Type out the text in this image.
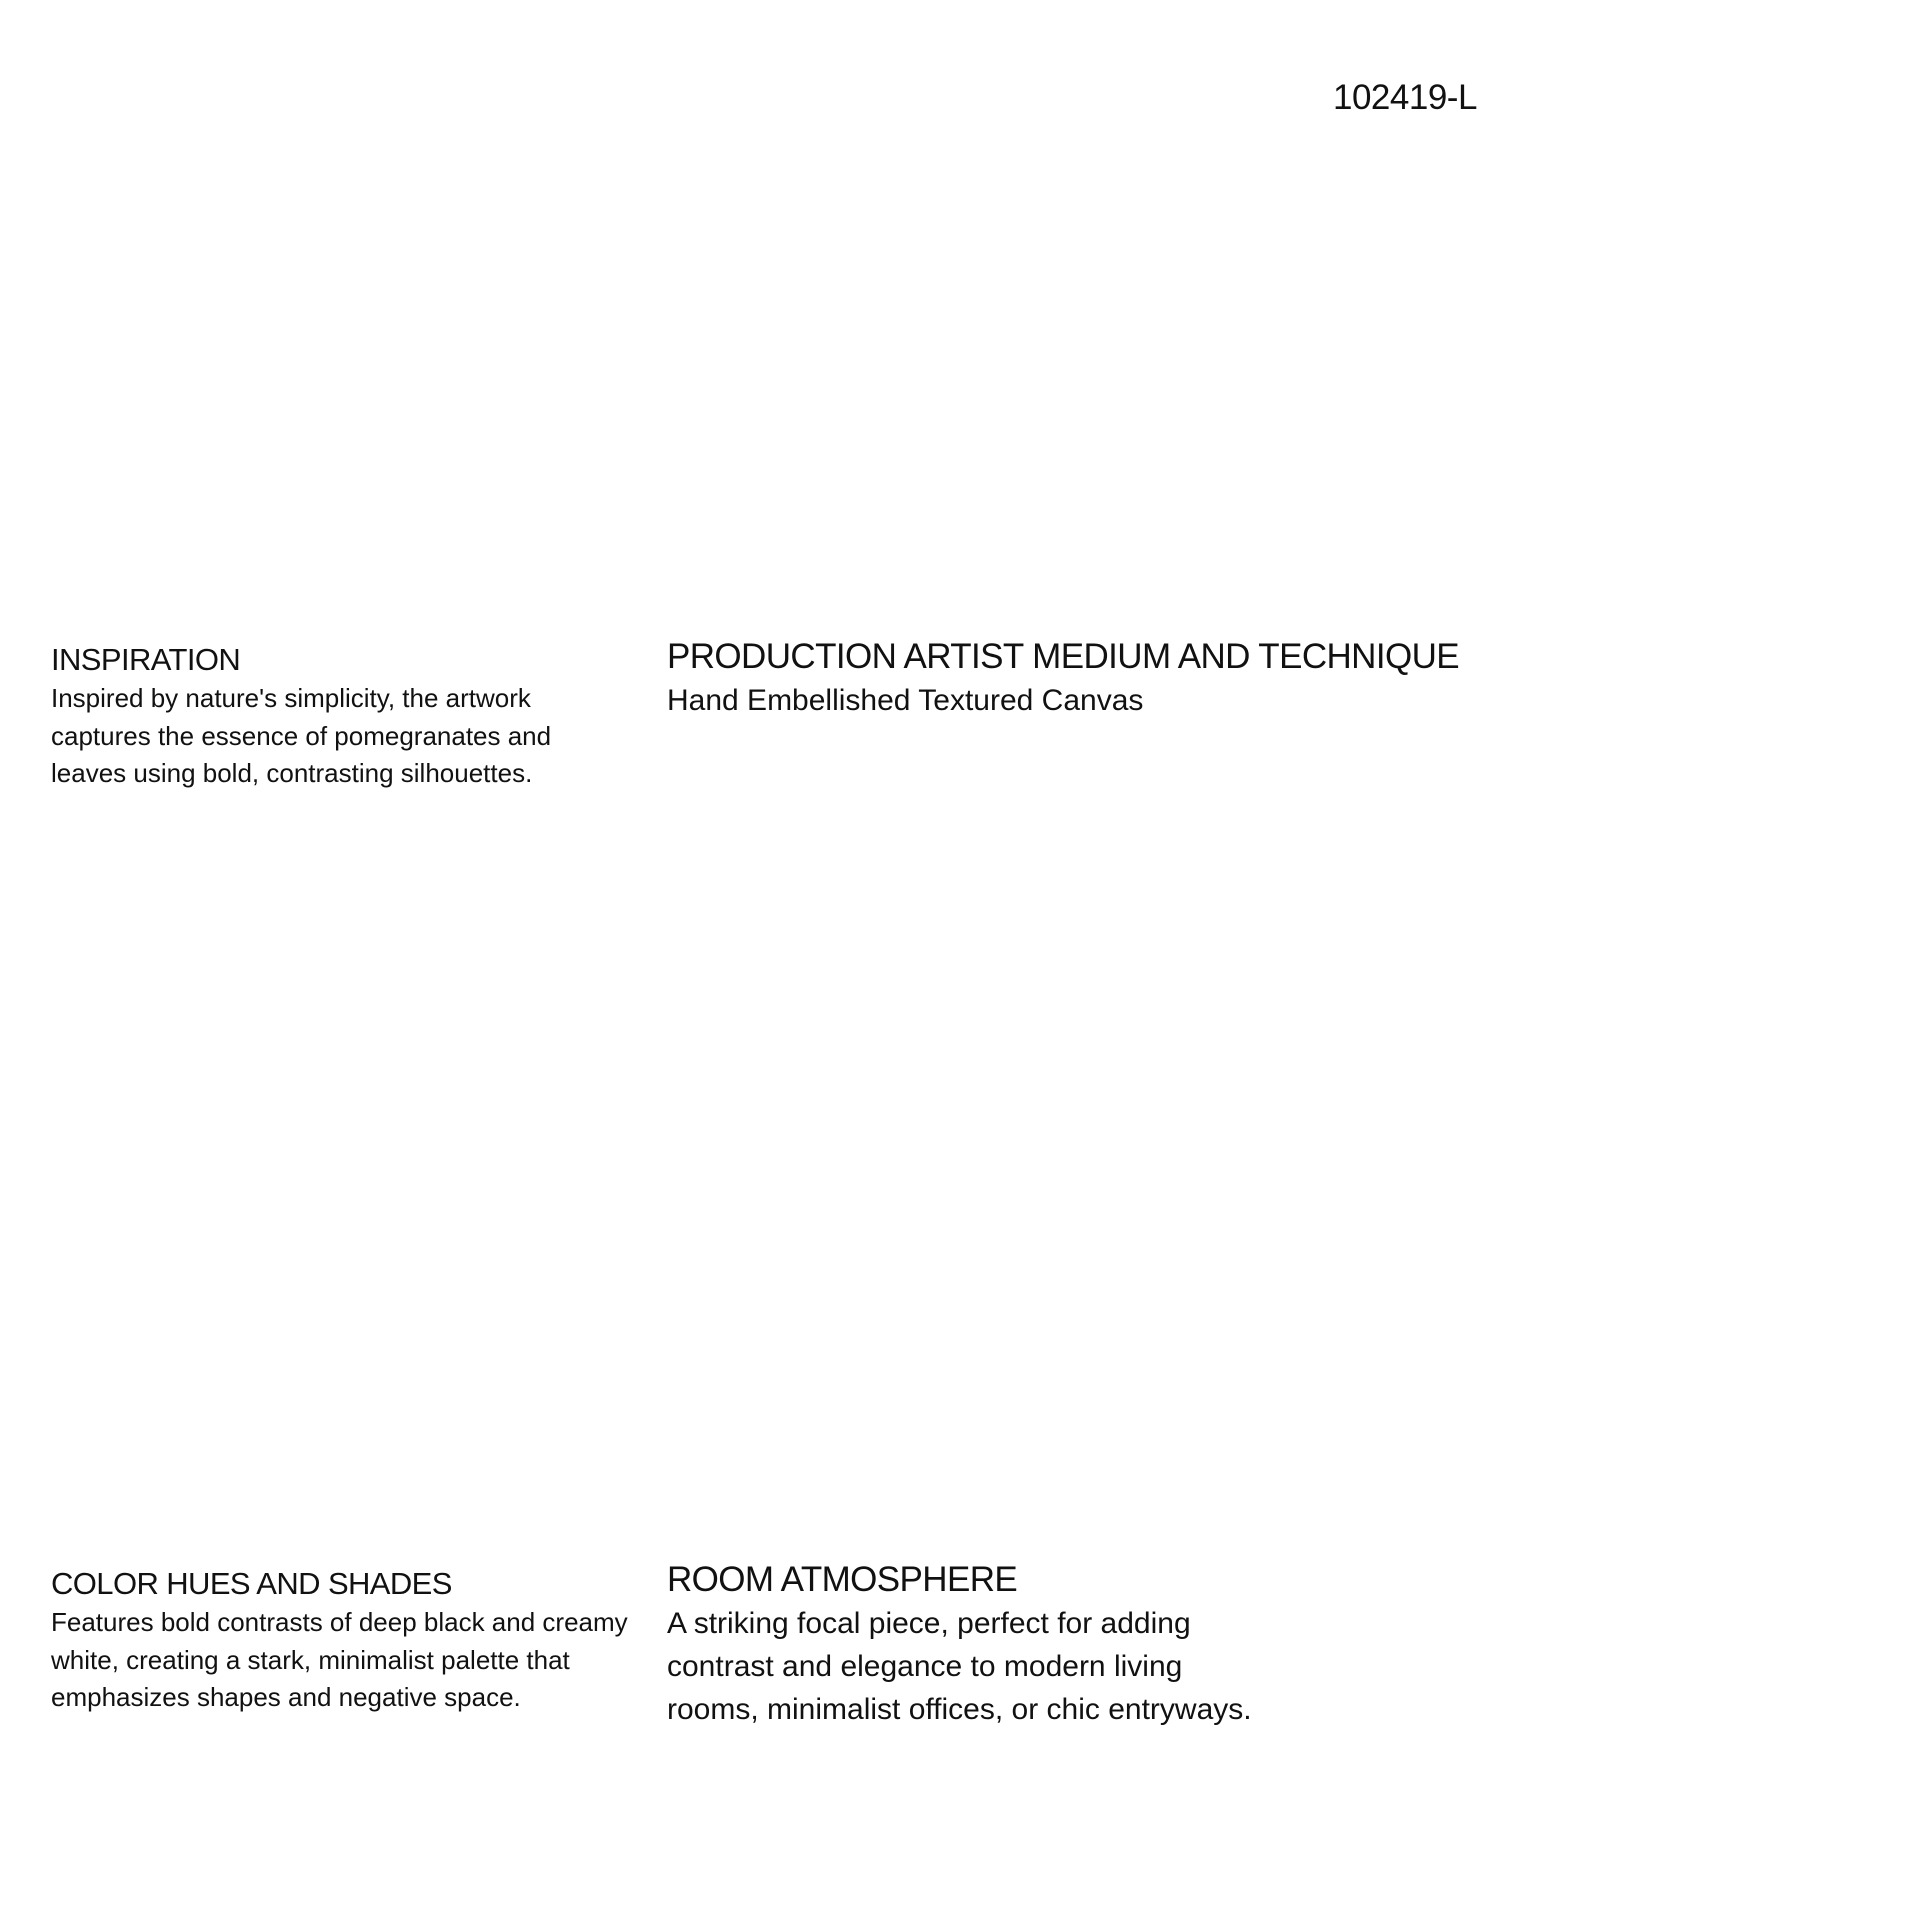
102419-L
INSPIRATION

Inspired by nature's simplicity, the artwork captures the essence of pomegranates and leaves using bold, contrasting silhouettes.

PRODUCTION ARTIST MEDIUM AND TECHNIQUE

Hand Embellished Textured Canvas

COLOR HUES AND SHADES

Features bold contrasts of deep black and creamy white, creating a stark, minimalist palette that emphasizes shapes and negative space.

ROOM ATMOSPHERE

A striking focal piece, perfect for adding contrast and elegance to modern living rooms, minimalist offices, or chic entryways.
